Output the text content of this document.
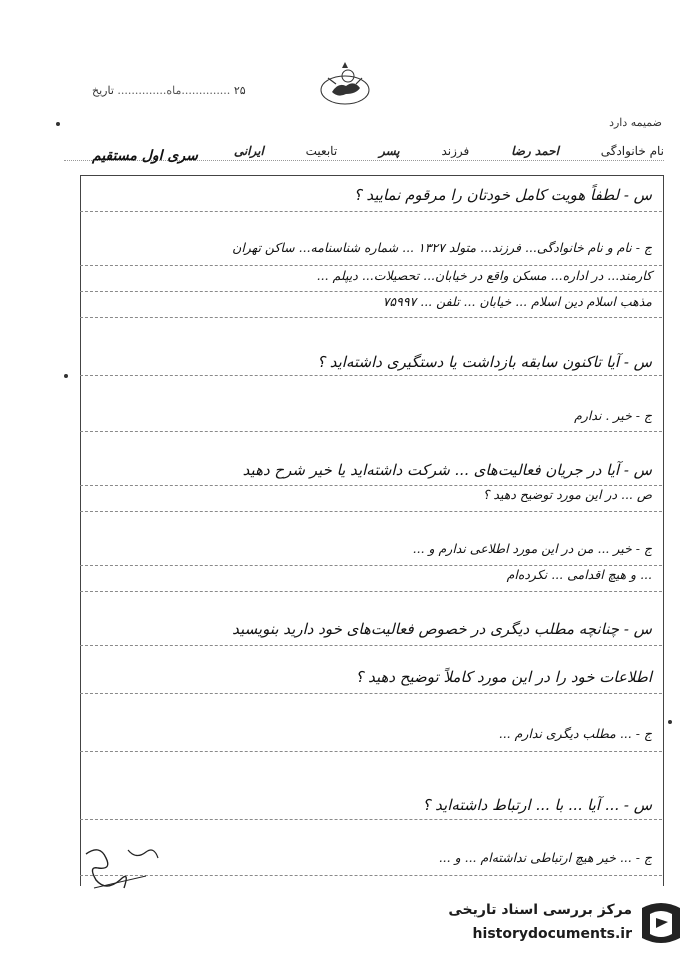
۲۵ ..............ماه.............. تاریخ
ضمیمه دارد
نام خانوادگی احمد رضا فرزند پسر تابعیت ایرانی
سری اول مستقیم
س - لطفاً هویت کامل خودتان را مرقوم نمایید ؟
ج - نام و نام خانوادگی... فرزند... متولد ۱۳۲۷ ... شماره شناسنامه... ساکن تهران
کارمند... در اداره... مسکن واقع در خیابان... تحصیلات... دیپلم ...
مذهب اسلام دین اسلام ... خیابان ... تلفن ... ۷۵۹۹۷
س - آیا تاکنون سابقه بازداشت یا دستگیری داشته‌اید ؟
ج - خیر . ندارم
س - آیا در جریان فعالیت‌های ... شرکت داشته‌اید یا خیر شرح دهید
ص ... در این مورد توضیح دهید ؟
ج - خیر ... من در این مورد اطلاعی ندارم و ...
... و هیچ اقدامی ... نکرده‌ام
س - چنانچه مطلب دیگری در خصوص فعالیت‌های خود دارید بنویسید
اطلاعات خود را در این مورد کاملاً توضیح دهید ؟
ج - ... مطلب دیگری ندارم ...
س - ... آیا ... با ... ارتباط داشته‌اید ؟
ج - ... خیر هیچ ارتباطی نداشته‌ام ... و ...
مرکز بررسی اسناد تاریخی
historydocuments.ir
